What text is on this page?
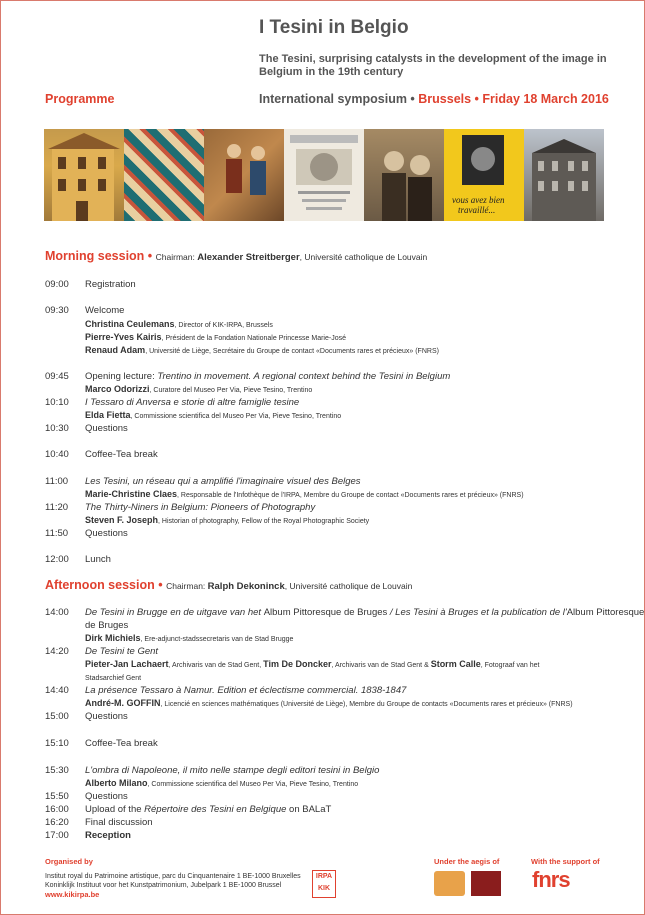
I Tesini in Belgio
The Tesini, surprising catalysts in the development of the image in Belgium in the 19th century
Programme	International symposium • Brussels • Friday 18 March 2016
vous avez bien
travaillé...
Morning session • Chairman: Alexander Streitberger, Université catholique de Louvain
09:00	Registration
09:30	Welcome
Christina Ceulemans, Director of KIK-IRPA, Brussels
Pierre-Yves Kairis, Président de la Fondation Nationale Princesse Marie-José
Renaud Adam, Université de Liège, Secrétaire du Groupe de contact «Documents rares et précieux» (FNRS)
09:45	Opening lecture: Trentino in movement. A regional context behind the Tesini in Belgium
Marco Odorizzi, Curatore del Museo Per Via, Pieve Tesino, Trentino
10:10	I Tessaro di Anversa e storie di altre famiglie tesine
Elda Fietta, Commissione scientifica del Museo Per Via, Pieve Tesino, Trentino
10:30	Questions
10:40	Coffee-Tea break
11:00	Les Tesini, un réseau qui a amplifié l'imaginaire visuel des Belges
Marie-Christine Claes, Responsable de l'Infothèque de l'IRPA, Membre du Groupe de contact «Documents rares et précieux» (FNRS)
11:20	The Thirty-Niners in Belgium: Pioneers of Photography
Steven F. Joseph, Historian of photography, Fellow of the Royal Photographic Society
11:50	Questions
12:00	Lunch
Afternoon session • Chairman: Ralph Dekoninck, Université catholique de Louvain
14:00	De Tesini in Brugge en de uitgave van het Album Pittoresque de Bruges / Les Tesini à Bruges et la publication de l'Album Pittoresque
de Bruges
Dirk Michiels, Ere-adjunct-stadssecretaris van de Stad Brugge
14:20	De Tesini te Gent
Pieter-Jan Lachaert, Archivaris van de Stad Gent, Tim De Doncker, Archivaris van de Stad Gent & Storm Calle, Fotograaf van het
Stadsarchief Gent
14:40	La présence Tessaro à Namur. Edition et éclectisme commercial. 1838-1847
André-M. GOFFIN, Licencié en sciences mathématiques (Université de Liège), Membre du Groupe de contacts «Documents rares et précieux» (FNRS)
15:00	Questions
15:10	Coffee-Tea break
15:30	L'ombra di Napoleone, il mito nelle stampe degli editori tesini in Belgio
Alberto Milano, Commissione scientifica del Museo Per Via, Pieve Tesino, Trentino
15:50	Questions
16:00	Upload of the Répertoire des Tesini en Belgique on BALaT
16:20	Final discussion
17:00	Reception
Organised by
Institut royal du Patrimoine artistique, parc du Cinquantenaire 1 BE-1000 Bruxelles
Koninklijk Instituut voor het Kunstpatrimonium, Jubelpark 1 BE-1000 Brussel
www.kikirpa.be
IRPA
KIK
Under the aegis of	With the support of
fnrs
